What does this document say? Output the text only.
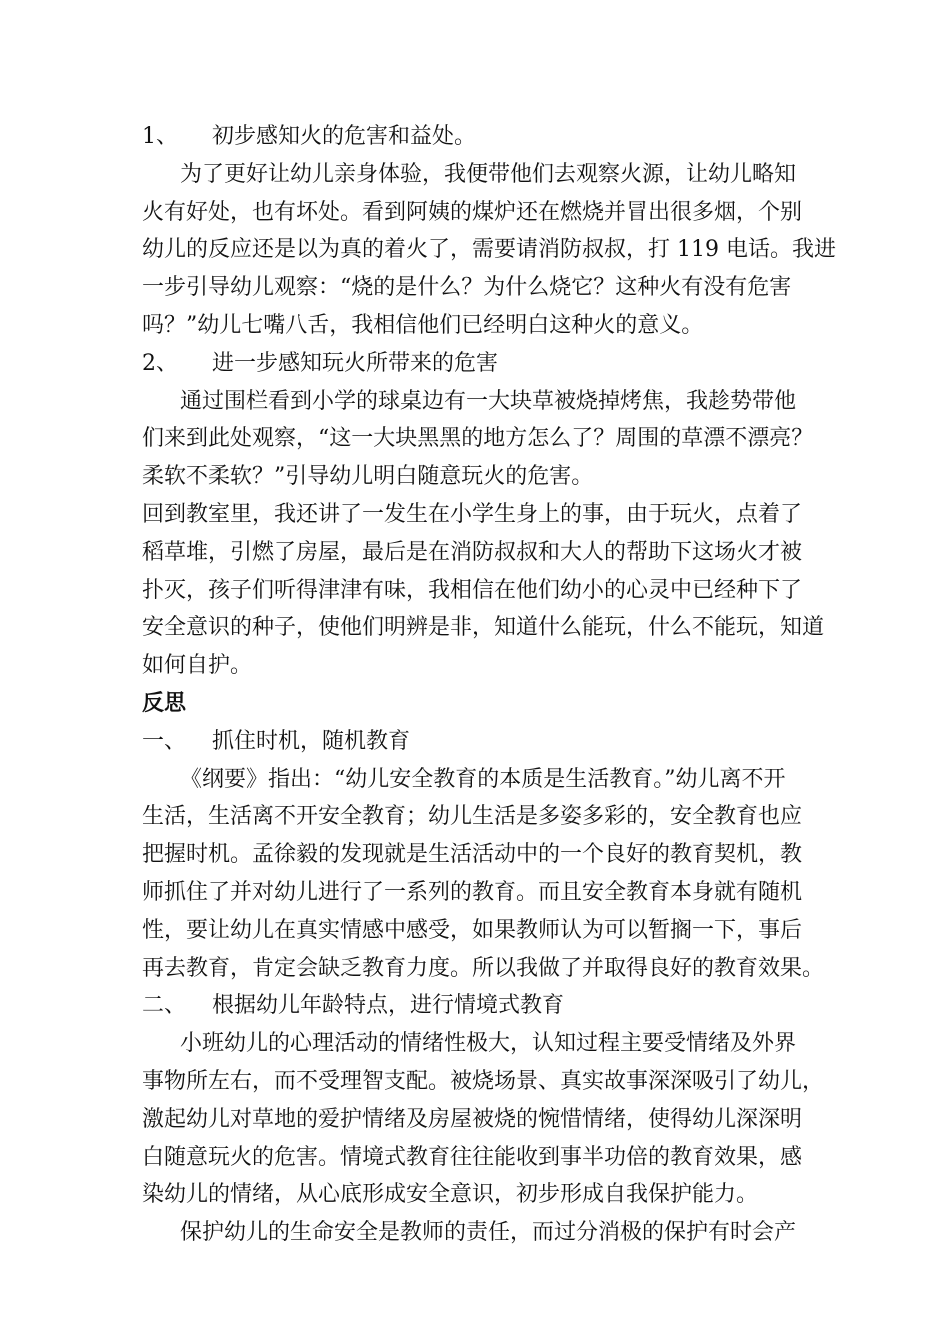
1、 初步感知火的危害和益处。
为了更好让幼儿亲身体验，我便带他们去观察火源，让幼儿略知
火有好处，也有坏处。看到阿姨的煤炉还在燃烧并冒出很多烟，个别
幼儿的反应还是以为真的着火了，需要请消防叔叔，打 119 电话。我进
一步引导幼儿观察：“烧的是什么？为什么烧它？这种火有没有危害
吗？”幼儿七嘴八舌，我相信他们已经明白这种火的意义。
2、 进一步感知玩火所带来的危害
通过围栏看到小学的球桌边有一大块草被烧掉烤焦，我趁势带他
们来到此处观察，“这一大块黑黑的地方怎么了？周围的草漂不漂亮？
柔软不柔软？”引导幼儿明白随意玩火的危害。
回到教室里，我还讲了一发生在小学生身上的事，由于玩火，点着了
稻草堆，引燃了房屋，最后是在消防叔叔和大人的帮助下这场火才被
扑灭，孩子们听得津津有味，我相信在他们幼小的心灵中已经种下了
安全意识的种子，使他们明辨是非，知道什么能玩，什么不能玩，知道
如何自护。
反思
一、 抓住时机，随机教育
《纲要》指出：“幼儿安全教育的本质是生活教育。”幼儿离不开
生活，生活离不开安全教育；幼儿生活是多姿多彩的，安全教育也应
把握时机。孟徐毅的发现就是生活活动中的一个良好的教育契机，教
师抓住了并对幼儿进行了一系列的教育。而且安全教育本身就有随机
性，要让幼儿在真实情感中感受，如果教师认为可以暂搁一下，事后
再去教育，肯定会缺乏教育力度。所以我做了并取得良好的教育效果。
二、 根据幼儿年龄特点，进行情境式教育
小班幼儿的心理活动的情绪性极大，认知过程主要受情绪及外界
事物所左右，而不受理智支配。被烧场景、真实故事深深吸引了幼儿，
激起幼儿对草地的爱护情绪及房屋被烧的惋惜情绪，使得幼儿深深明
白随意玩火的危害。情境式教育往往能收到事半功倍的教育效果，感
染幼儿的情绪，从心底形成安全意识，初步形成自我保护能力。
保护幼儿的生命安全是教师的责任，而过分消极的保护有时会产
